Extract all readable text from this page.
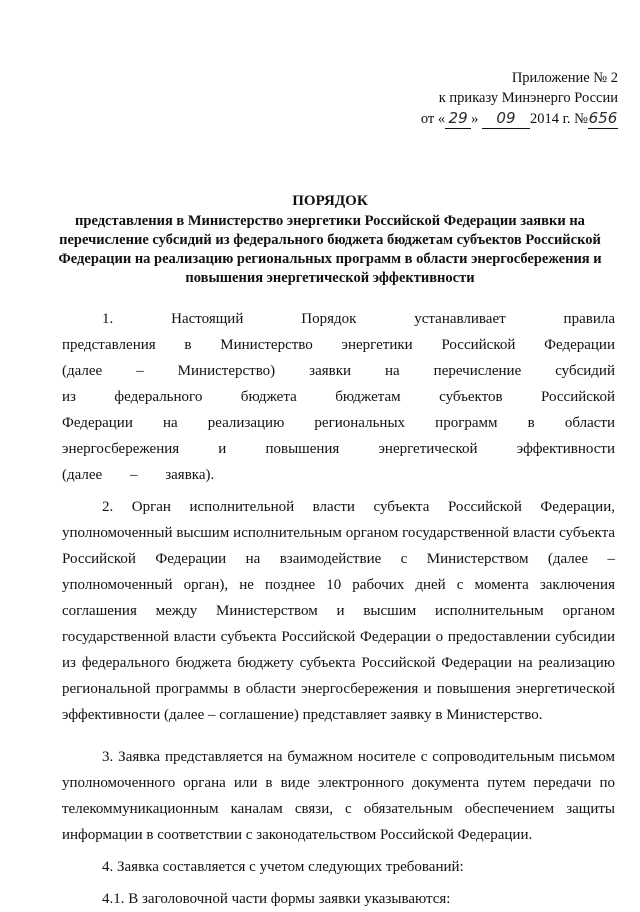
Приложение № 2
к приказу Минэнерго России
от « 29 » 09 2014 г. №656
ПОРЯДОК
представления в Министерство энергетики Российской Федерации заявки на перечисление субсидий из федерального бюджета бюджетам субъектов Российской Федерации на реализацию региональных программ в области энергосбережения и повышения энергетической эффективности

1. Настоящий Порядок устанавливает правила представления в Министерство энергетики Российской Федерации (далее – Министерство) заявки на перечисление субсидий из федерального бюджета бюджетам субъектов Российской Федерации на реализацию региональных программ в области энергосбережения и повышения энергетической эффективности (далее – заявка).

2. Орган исполнительной власти субъекта Российской Федерации, уполномоченный высшим исполнительным органом государственной власти субъекта Российской Федерации на взаимодействие с Министерством (далее – уполномоченный орган), не позднее 10 рабочих дней с момента заключения соглашения между Министерством и высшим исполнительным органом государственной власти субъекта Российской Федерации о предоставлении субсидии из федерального бюджета бюджету субъекта Российской Федерации на реализацию региональной программы в области энергосбережения и повышения энергетической эффективности (далее – соглашение) представляет заявку в Министерство.

3. Заявка представляется на бумажном носителе с сопроводительным письмом уполномоченного органа или в виде электронного документа путем передачи по телекоммуникационным каналам связи, с обязательным обеспечением защиты информации в соответствии с законодательством Российской Федерации.

4. Заявка составляется с учетом следующих требований:

4.1. В заголовочной части формы заявки указываются:
